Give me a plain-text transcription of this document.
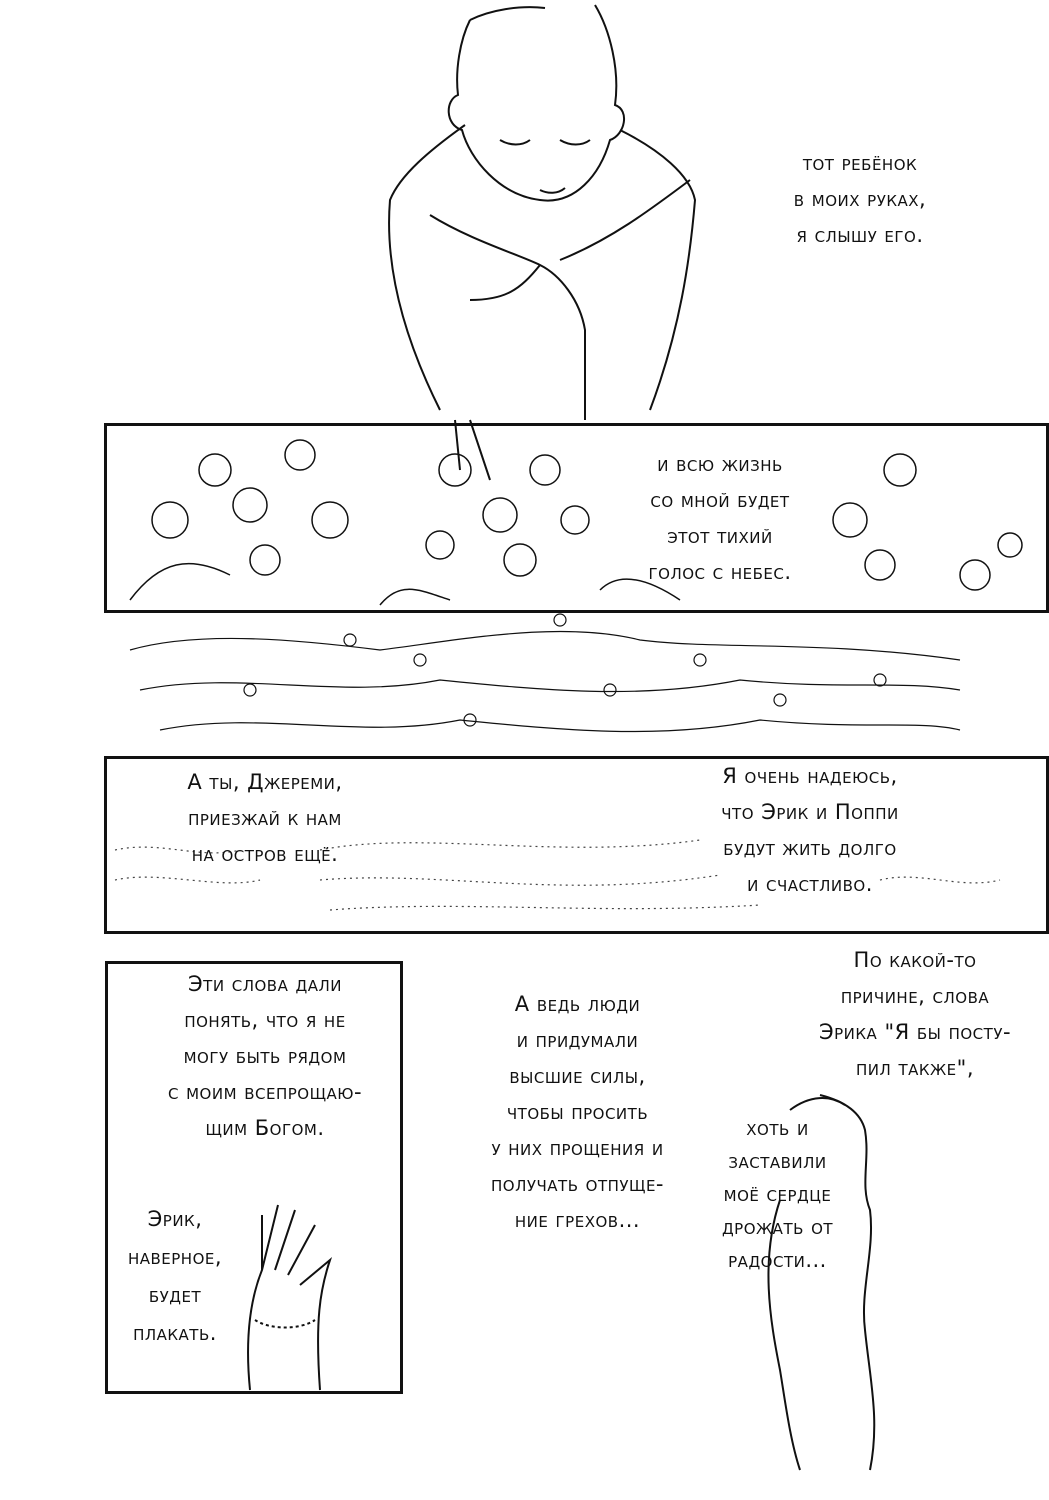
тот ребёнок
в моих руках,
я слышу его.
и всю жизнь
со мной будет
этот тихий
голос с небес.
А ты, Джереми,
приезжай к нам
на остров ещё.
Я очень надеюсь,
что Эрик и Поппи
будут жить долго
и счастливо.
Эти слова дали
понять, что я не
могу быть рядом
с моим всепрощаю-
щим Богом.
Эрик,
наверное,
будет
плакать.
А ведь люди
и придумали
высшие силы,
чтобы просить
у них прощения и
получать отпуще-
ние грехов...
По какой-то
причине, слова
Эрика "Я бы посту-
пил также",
хоть и
заставили
моё сердце
дрожать от
радости...
